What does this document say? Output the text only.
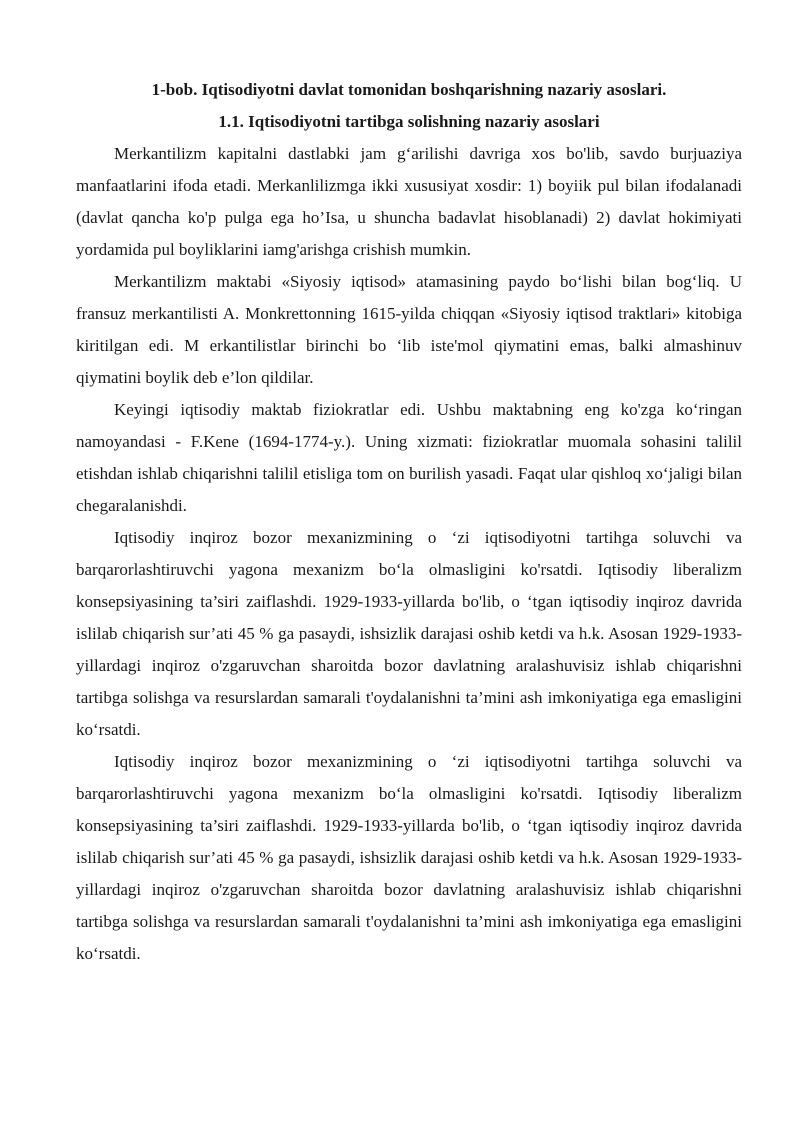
1-bob. Iqtisodiyotni davlat tomonidan boshqarishning nazariy asoslari.

1.1. Iqtisodiyotni tartibga solishning nazariy asoslari

Merkantilizm kapitalni dastlabki jam g‘arilishi davriga xos bo'lib, savdo burjuaziya manfaatlarini ifoda etadi. Merkanlilizmga ikki xususiyat xosdir: 1) boyiik pul bilan ifodalanadi (davlat qancha ko'p pulga ega ho’Isa, u shuncha badavlat hisoblanadi) 2) davlat hokimiyati yordamida pul boyliklarini iamg'arishga crishish mumkin.

Merkantilizm maktabi «Siyosiy iqtisod» atamasining paydo bo‘lishi bilan bog‘liq. U fransuz merkantilisti A. Monkrettonning 1615-yilda chiqqan «Siyosiy iqtisod traktlari» kitobiga kiritilgan edi. M erkantilistlar birinchi bo ‘lib iste'mol qiymatini emas, balki almashinuv qiymatini boylik deb e’lon qildilar.

Keyingi iqtisodiy maktab fiziokratlar edi. Ushbu maktabning eng ko'zga ko‘ringan namoyandasi - F.Kene (1694-1774-y.). Uning xizmati: fiziokratlar muomala sohasini talilil etishdan ishlab chiqarishni talilil etisliga tom on burilish yasadi. Faqat ular qishloq xo‘jaligi bilan chegaralanishdi.

Iqtisodiy inqiroz bozor mexanizmining o ‘zi iqtisodiyotni tartihga soluvchi va barqarorlashtiruvchi yagona mexanizm bo‘la olmasligini ko'rsatdi. Iqtisodiy liberalizm konsepsiyasining ta’siri zaiflashdi. 1929-1933-yillarda bo'lib, o ‘tgan iqtisodiy inqiroz davrida islilab chiqarish sur’ati 45 % ga pasaydi, ishsizlik darajasi oshib ketdi va h.k. Asosan 1929-1933- yillardagi inqiroz o'zgaruvchan sharoitda bozor davlatning aralashuvisiz ishlab chiqarishni tartibga solishga va resurslardan samarali t'oydalanishni ta’mini ash imkoniyatiga ega emasligini ko‘rsatdi.

Iqtisodiy inqiroz bozor mexanizmining o ‘zi iqtisodiyotni tartihga soluvchi va barqarorlashtiruvchi yagona mexanizm bo‘la olmasligini ko'rsatdi. Iqtisodiy liberalizm konsepsiyasining ta’siri zaiflashdi. 1929-1933-yillarda bo'lib, o ‘tgan iqtisodiy inqiroz davrida islilab chiqarish sur’ati 45 % ga pasaydi, ishsizlik darajasi oshib ketdi va h.k. Asosan 1929-1933- yillardagi inqiroz o'zgaruvchan sharoitda bozor davlatning aralashuvisiz ishlab chiqarishni tartibga solishga va resurslardan samarali t'oydalanishni ta’mini ash imkoniyatiga ega emasligini ko‘rsatdi.
